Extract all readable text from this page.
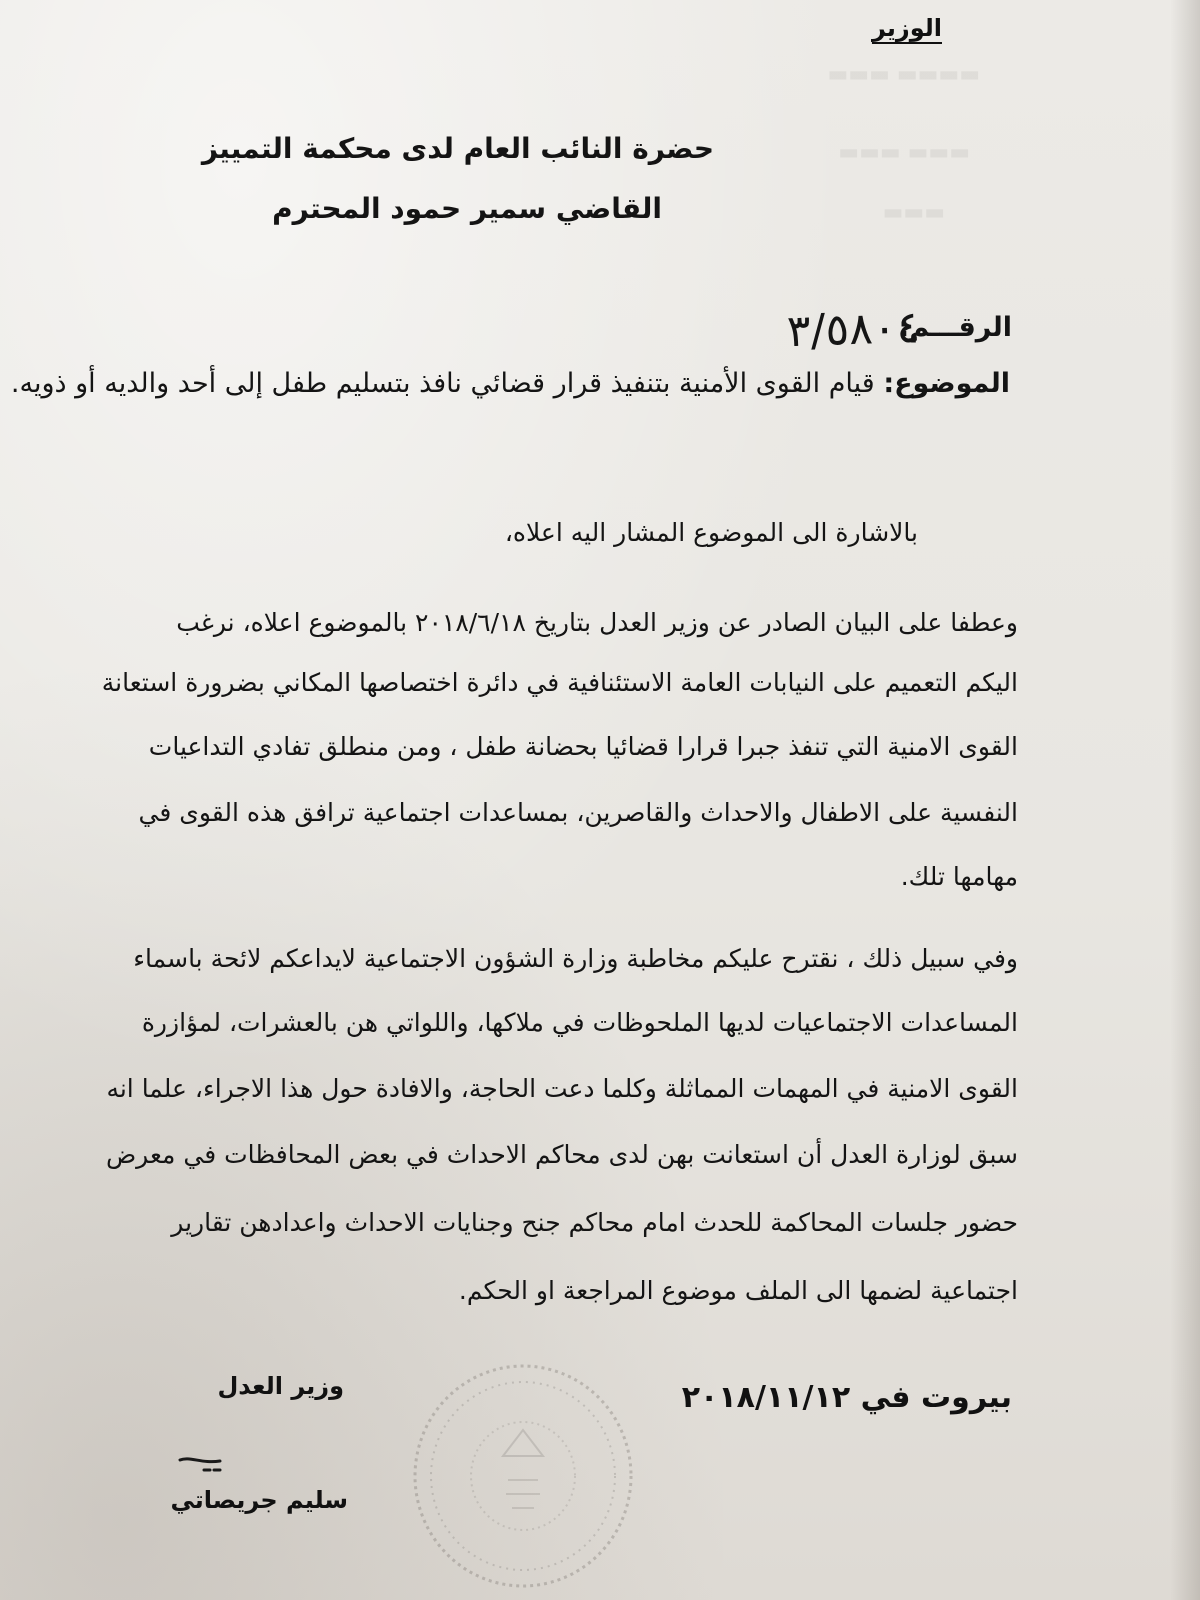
▬▬▬▬ ▬▬▬
▬▬▬ ▬▬▬
▬▬▬
الوزير
حضرة النائب العام لدى محكمة التمييز
القاضي سمير حمود المحترم
الرقـــم:
٣/٥٨٠٤
الموضوع: قيام القوى الأمنية بتنفيذ قرار قضائي نافذ بتسليم طفل إلى أحد والديه أو ذويه.
بالاشارة الى الموضوع المشار اليه اعلاه،
وعطفا على البيان الصادر عن وزير العدل بتاريخ ٢٠١٨/٦/١٨ بالموضوع اعلاه، نرغب
اليكم التعميم على النيابات العامة الاستئنافية في دائرة اختصاصها المكاني بضرورة استعانة
القوى الامنية التي تنفذ جبرا قرارا قضائيا بحضانة طفل ، ومن منطلق تفادي التداعيات
النفسية على الاطفال والاحداث والقاصرين، بمساعدات اجتماعية ترافق هذه القوى في
مهامها تلك.
وفي سبيل ذلك ، نقترح عليكم مخاطبة وزارة الشؤون الاجتماعية لايداعكم لائحة باسماء
المساعدات الاجتماعيات لديها الملحوظات في ملاكها، واللواتي هن بالعشرات، لمؤازرة
القوى الامنية في المهمات المماثلة وكلما دعت الحاجة، والافادة حول هذا الاجراء، علما انه
سبق لوزارة العدل أن استعانت بهن لدى محاكم الاحداث في بعض المحافظات في معرض
حضور جلسات المحاكمة للحدث امام محاكم جنح وجنايات الاحداث واعدادهن تقارير
اجتماعية لضمها الى الملف موضوع المراجعة او الحكم.
بيروت في ٢٠١٨/١١/١٢
وزير العدل
سليم جريصاتي
